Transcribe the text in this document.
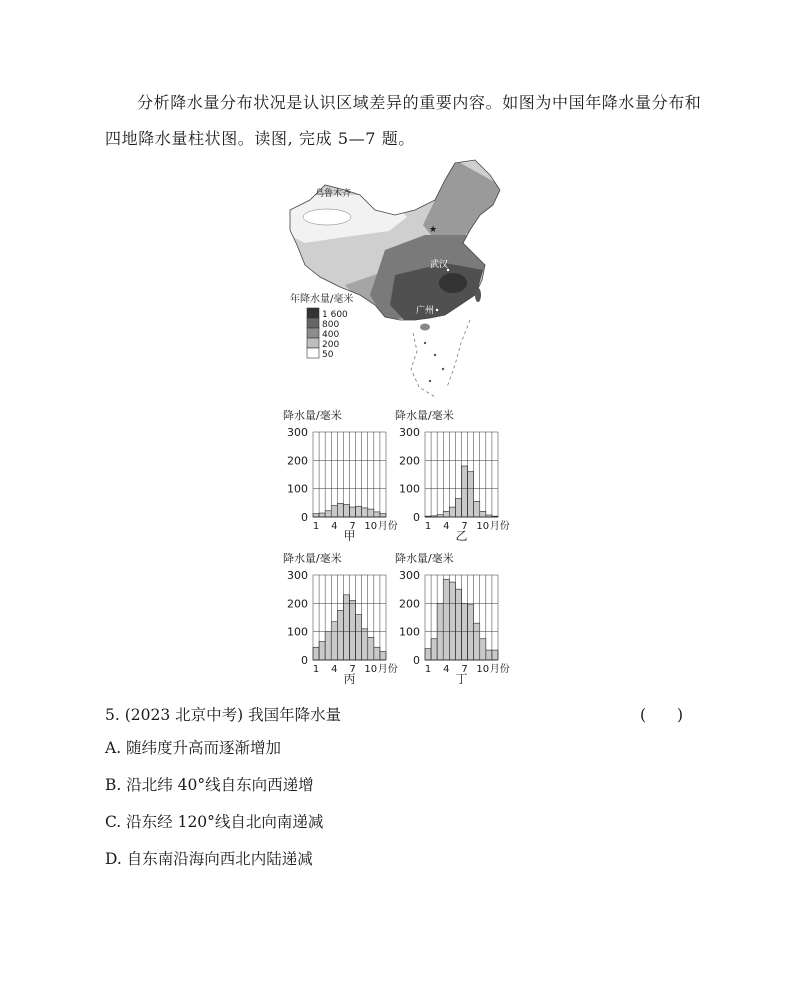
分析降水量分布状况是认识区域差异的重要内容。如图为中国年降水量分布和
四地降水量柱状图。读图, 完成 5—7 题。
乌鲁木齐
★
武汉
广州
年降水量/毫米
1 600
800
400
200
50
降水量/毫米
0
100
200
300
1 4 7 10 月份
甲
降水量/毫米
0
100
200
300
1 4 7 10 月份
乙
降水量/毫米
0
100
200
300
1 4 7 10 月份
丙
降水量/毫米
0
100
200
300
1 4 7 10 月份
丁
5. (2023 北京中考) 我国年降水量	(　　)
A. 随纬度升高而逐渐增加
B. 沿北纬 40°线自东向西递增
C. 沿东经 120°线自北向南递减
D. 自东南沿海向西北内陆递减
